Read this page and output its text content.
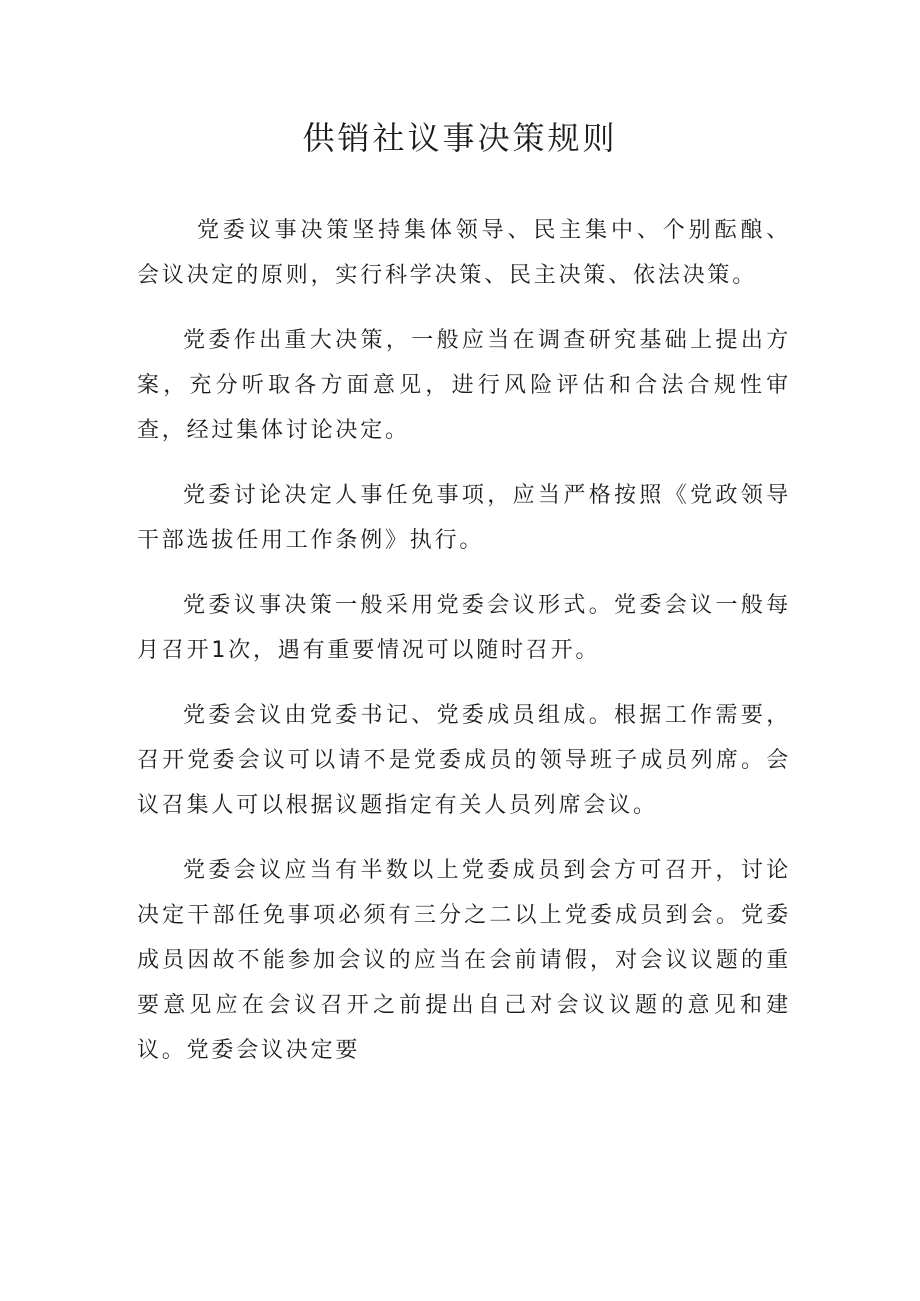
供销社议事决策规则

党委议事决策坚持集体领导、民主集中、个别酝酿、会议决定的原则，实行科学决策、民主决策、依法决策。

党委作出重大决策，一般应当在调查研究基础上提出方案，充分听取各方面意见，进行风险评估和合法合规性审查，经过集体讨论决定。

党委讨论决定人事任免事项，应当严格按照《党政领导干部选拔任用工作条例》执行。

党委议事决策一般采用党委会议形式。党委会议一般每月召开1次，遇有重要情况可以随时召开。

党委会议由党委书记、党委成员组成。根据工作需要，召开党委会议可以请不是党委成员的领导班子成员列席。会议召集人可以根据议题指定有关人员列席会议。

党委会议应当有半数以上党委成员到会方可召开，讨论决定干部任免事项必须有三分之二以上党委成员到会。党委成员因故不能参加会议的应当在会前请假，对会议议题的重要意见应在会议召开之前提出自己对会议议题的意见和建议。党委会议决定要
